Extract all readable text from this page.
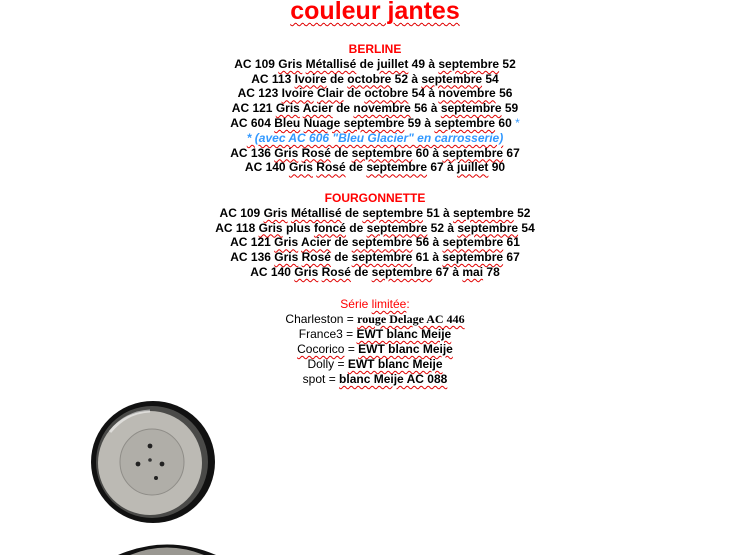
couleur jantes
BERLINE
AC 109 Gris Métallisé de juillet 49 à septembre 52
AC 113 Ivoire de octobre 52 à septembre 54
AC 123 Ivoire Clair de octobre 54 à novembre 56
AC 121 Gris Acier de novembre 56 à septembre 59
AC 604 Bleu Nuage septembre 59 à septembre 60 *
* (avec AC 606 "Bleu Glacier" en carrosserie)
AC 136 Gris Rosé de septembre 60 à septembre 67
AC 140 Gris Rosé de septembre 67 à juillet 90
FOURGONNETTE
AC 109 Gris Métallisé de septembre 51 à septembre 52
AC 118 Gris plus foncé de septembre 52 à septembre 54
AC 121 Gris Acier de septembre 56 à septembre 61
AC 136 Gris Rosé de septembre 61 à septembre 67
AC 140 Gris Rosé de septembre 67 à mai 78
Série limitée:
Charleston = rouge Delage AC 446
France3 = EWT blanc Meije
Cocorico = EWT blanc Meije
Dolly = EWT blanc Meije
spot = blanc Meije AC 088
